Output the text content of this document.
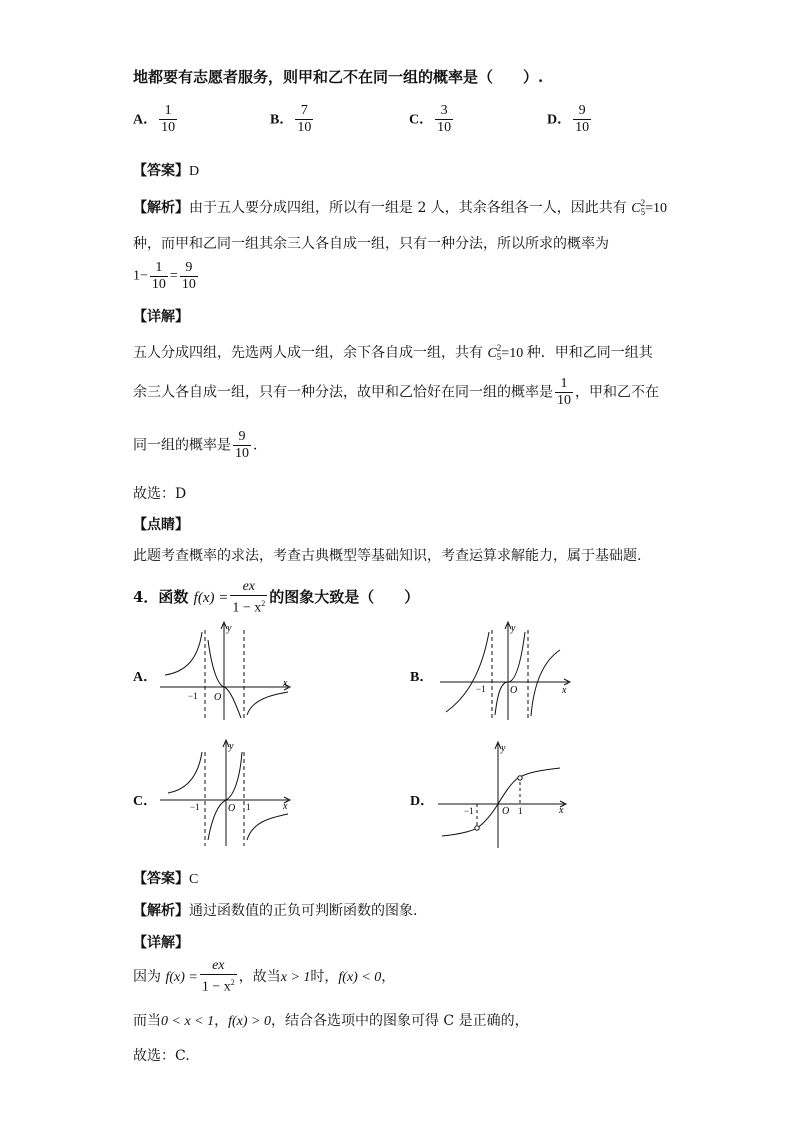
地都要有志愿者服务，则甲和乙不在同一组的概率是（　　）.
A． $\frac{1}{10}$	B． $\frac{7}{10}$	C． $\frac{3}{10}$	D． $\frac{9}{10}$
【答案】D
【解析】由于五人要分成四组，所以有一组是 2 人，其余各组各一人，因此共有 C 2
5 =10
种，而甲和乙同一组其余三人各自成一组，只有一种分法，所以所求的概率为
$1- \frac{1}{10} = \frac{9}{10}$
【详解】
五人分成四组，先选两人成一组，余下各自成一组，共有 C 2
5 =10 种．甲和乙同一组其
余三人各自成一组，只有一种分法，故甲和乙恰好在同一组的概率是 $\frac{1}{10}$ ，甲和乙不在
同一组的概率是 $\frac{9}{10}$ ．
故选：D
【点睛】
此题考查概率的求法，考查古典概型等基础知识，考查运算求解能力，属于基础题.
4．函数 $f(x) = \frac{ex}{1 - x^2}$ 的图象大致是（　　）
A．
y
x
O
−1
B．
y
x
O
−1
C．
y
x
O
−1	1	D．
y
x
O
−1	1
【答案】C
【解析】通过函数值的正负可判断函数的图象.
【详解】
因为 $f(x) = \frac{ex}{1 - x^2}$ ，故当x > 1时，f(x) < 0，
而当0 < x < 1，f(x) > 0，结合各选项中的图象可得 C 是正确的，
故选：C.
